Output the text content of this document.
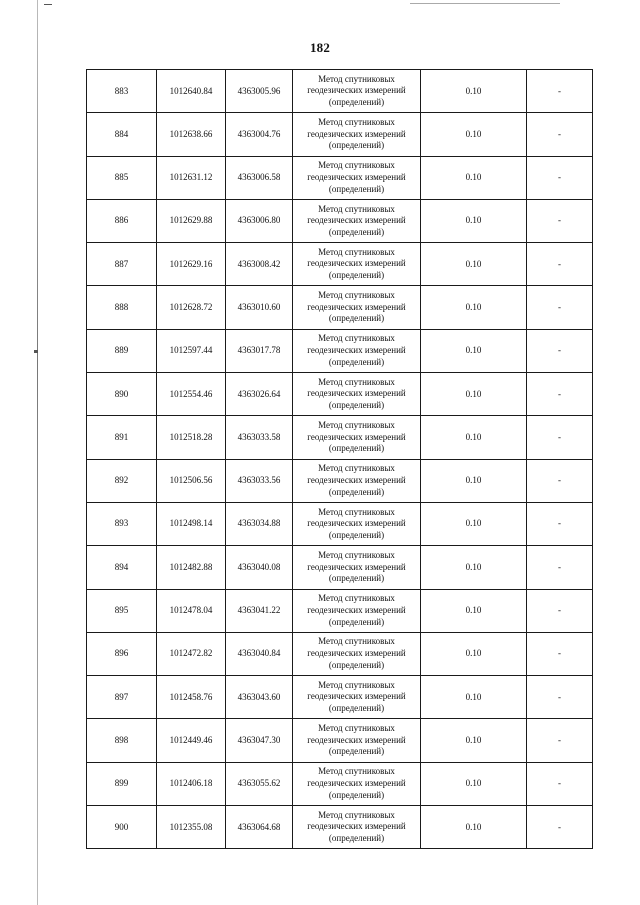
182
883	1012640.84	4363005.96	Метод спутниковых геодезических измерений (определений)	0.10	-
884	1012638.66	4363004.76	Метод спутниковых геодезических измерений (определений)	0.10	-
885	1012631.12	4363006.58	Метод спутниковых геодезических измерений (определений)	0.10	-
886	1012629.88	4363006.80	Метод спутниковых геодезических измерений (определений)	0.10	-
887	1012629.16	4363008.42	Метод спутниковых геодезических измерений (определений)	0.10	-
888	1012628.72	4363010.60	Метод спутниковых геодезических измерений (определений)	0.10	-
889	1012597.44	4363017.78	Метод спутниковых геодезических измерений (определений)	0.10	-
890	1012554.46	4363026.64	Метод спутниковых геодезических измерений (определений)	0.10	-
891	1012518.28	4363033.58	Метод спутниковых геодезических измерений (определений)	0.10	-
892	1012506.56	4363033.56	Метод спутниковых геодезических измерений (определений)	0.10	-
893	1012498.14	4363034.88	Метод спутниковых геодезических измерений (определений)	0.10	-
894	1012482.88	4363040.08	Метод спутниковых геодезических измерений (определений)	0.10	-
895	1012478.04	4363041.22	Метод спутниковых геодезических измерений (определений)	0.10	-
896	1012472.82	4363040.84	Метод спутниковых геодезических измерений (определений)	0.10	-
897	1012458.76	4363043.60	Метод спутниковых геодезических измерений (определений)	0.10	-
898	1012449.46	4363047.30	Метод спутниковых геодезических измерений (определений)	0.10	-
899	1012406.18	4363055.62	Метод спутниковых геодезических измерений (определений)	0.10	-
900	1012355.08	4363064.68	Метод спутниковых геодезических измерений (определений)	0.10	-
